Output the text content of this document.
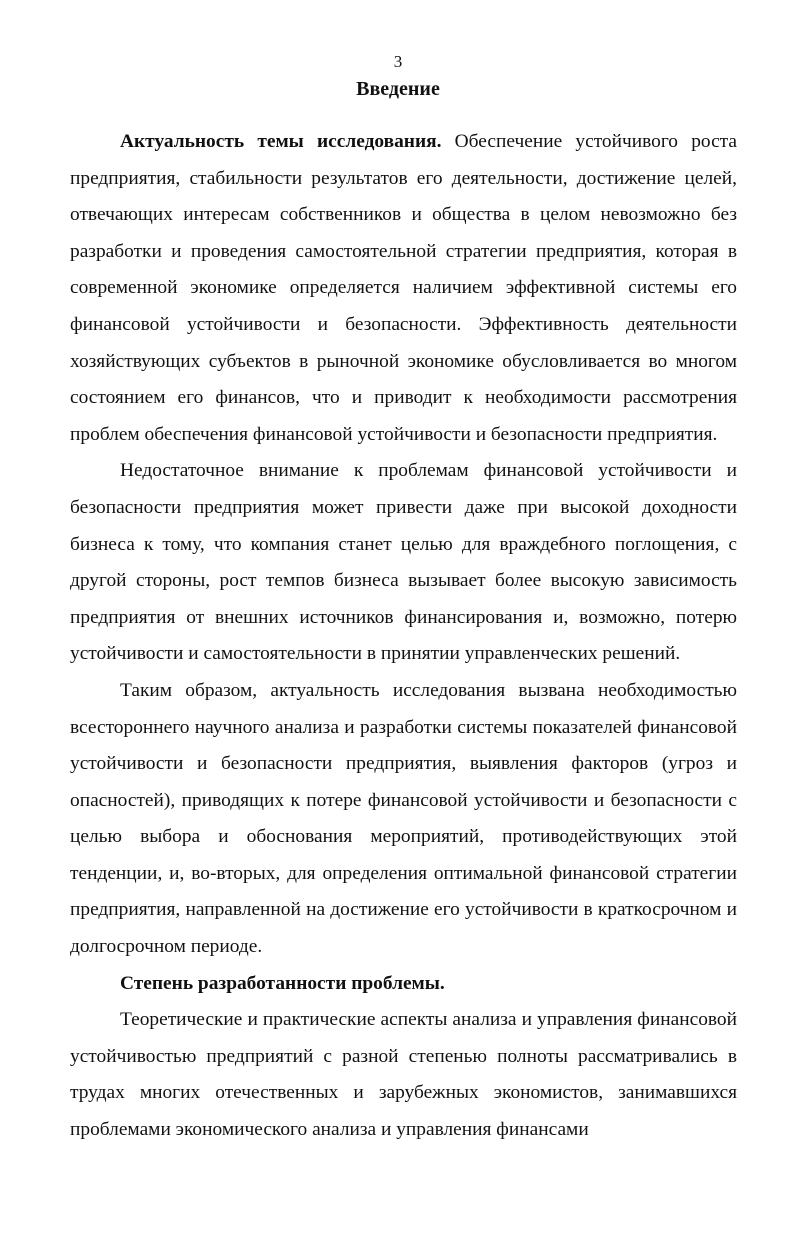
3
Введение

Актуальность темы исследования. Обеспечение устойчивого роста предприятия, стабильности результатов его деятельности, достижение целей, отвечающих интересам собственников и общества в целом невозможно без разработки и проведения самостоятельной стратегии предприятия, которая в современной экономике определяется наличием эффективной системы его финансовой устойчивости и безопасности. Эффективность деятельности хозяйствующих субъектов в рыночной экономике обусловливается во многом состоянием его финансов, что и приводит к необходимости рассмотрения проблем обеспечения финансовой устойчивости и безопасности предприятия.

Недостаточное внимание к проблемам финансовой устойчивости и безопасности предприятия может привести даже при высокой доходности бизнеса к тому, что компания станет целью для враждебного поглощения, с другой стороны, рост темпов бизнеса вызывает более высокую зависимость предприятия от внешних источников финансирования и, возможно, потерю устойчивости и самостоятельности в принятии управленческих решений.

Таким образом, актуальность исследования вызвана необходимостью всестороннего научного анализа и разработки системы показателей финансовой устойчивости и безопасности предприятия, выявления факторов (угроз и опасностей), приводящих к потере финансовой устойчивости и безопасности с целью выбора и обоснования мероприятий, противодействующих этой тенденции, и, во-вторых, для определения оптимальной финансовой стратегии предприятия, направленной на достижение его устойчивости в краткосрочном и долгосрочном периоде.

Степень разработанности проблемы.

Теоретические и практические аспекты анализа и управления финансовой устойчивостью предприятий с разной степенью полноты рассматривались в трудах многих отечественных и зарубежных экономистов, занимавшихся проблемами экономического анализа и управления финансами
